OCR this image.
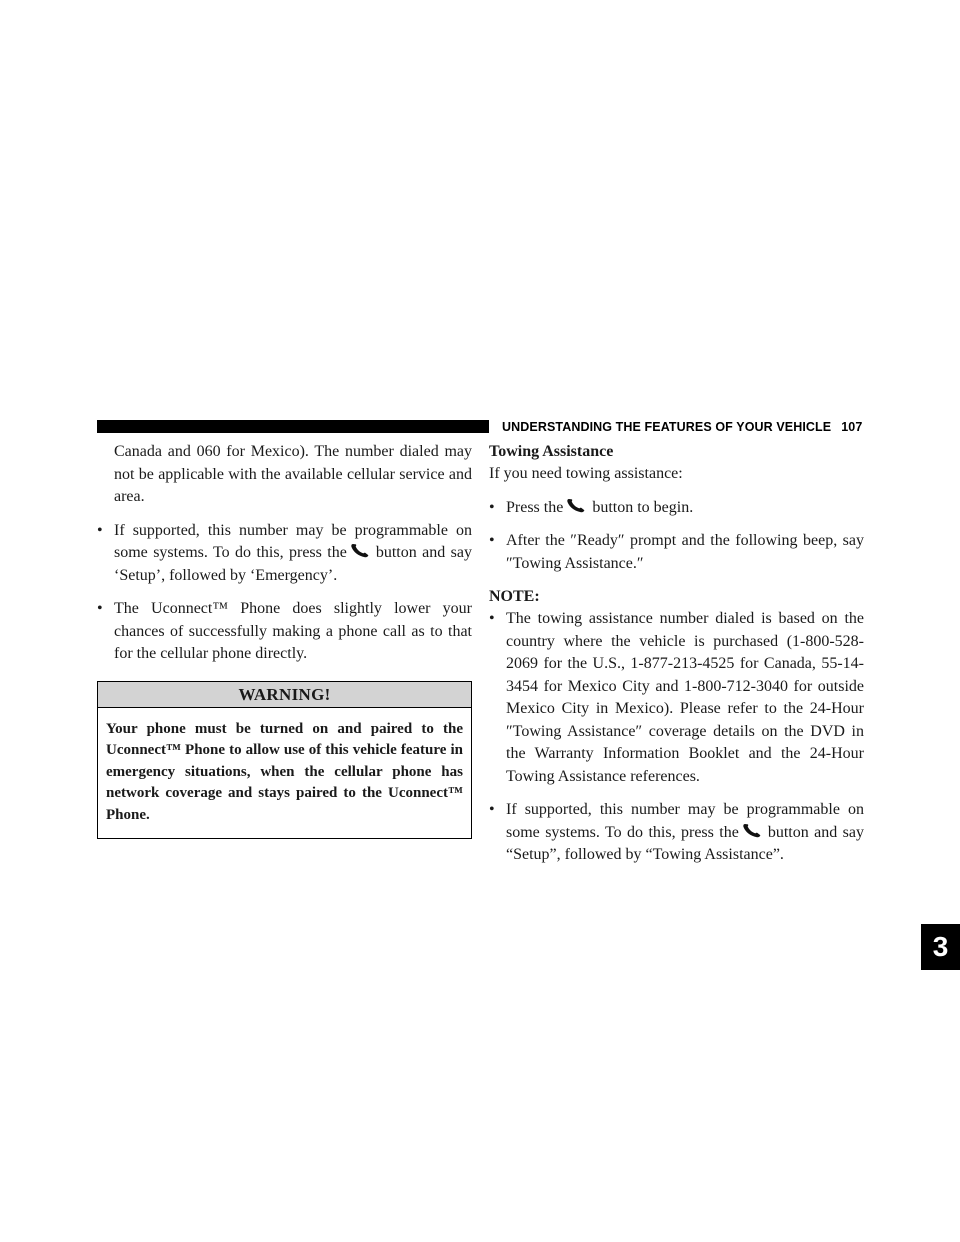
UNDERSTANDING THE FEATURES OF YOUR VEHICLE 107
3

Canada and 060 for Mexico). The number dialed may not be applicable with the available cellular service and area.

• If supported, this number may be programmable on some systems. To do this, press the button and say ‘Setup’, followed by ‘Emergency’.

• The Uconnect™ Phone does slightly lower your chances of successfully making a phone call as to that for the cellular phone directly.

WARNING!
Your phone must be turned on and paired to the Uconnect™ Phone to allow use of this vehicle feature in emergency situations, when the cellular phone has network coverage and stays paired to the Uconnect™ Phone.

Towing Assistance

If you need towing assistance:

• Press the button to begin.

• After the ″Ready″ prompt and the following beep, say ″Towing Assistance.″

NOTE:

• The towing assistance number dialed is based on the country where the vehicle is purchased (1-800-528-2069 for the U.S., 1-877-213-4525 for Canada, 55-14-3454 for Mexico City and 1-800-712-3040 for outside Mexico City in Mexico). Please refer to the 24-Hour ″Towing Assistance″ coverage details on the DVD in the Warranty Information Booklet and the 24-Hour Towing Assistance references.

• If supported, this number may be programmable on some systems. To do this, press the button and say “Setup”, followed by “Towing Assistance”.
